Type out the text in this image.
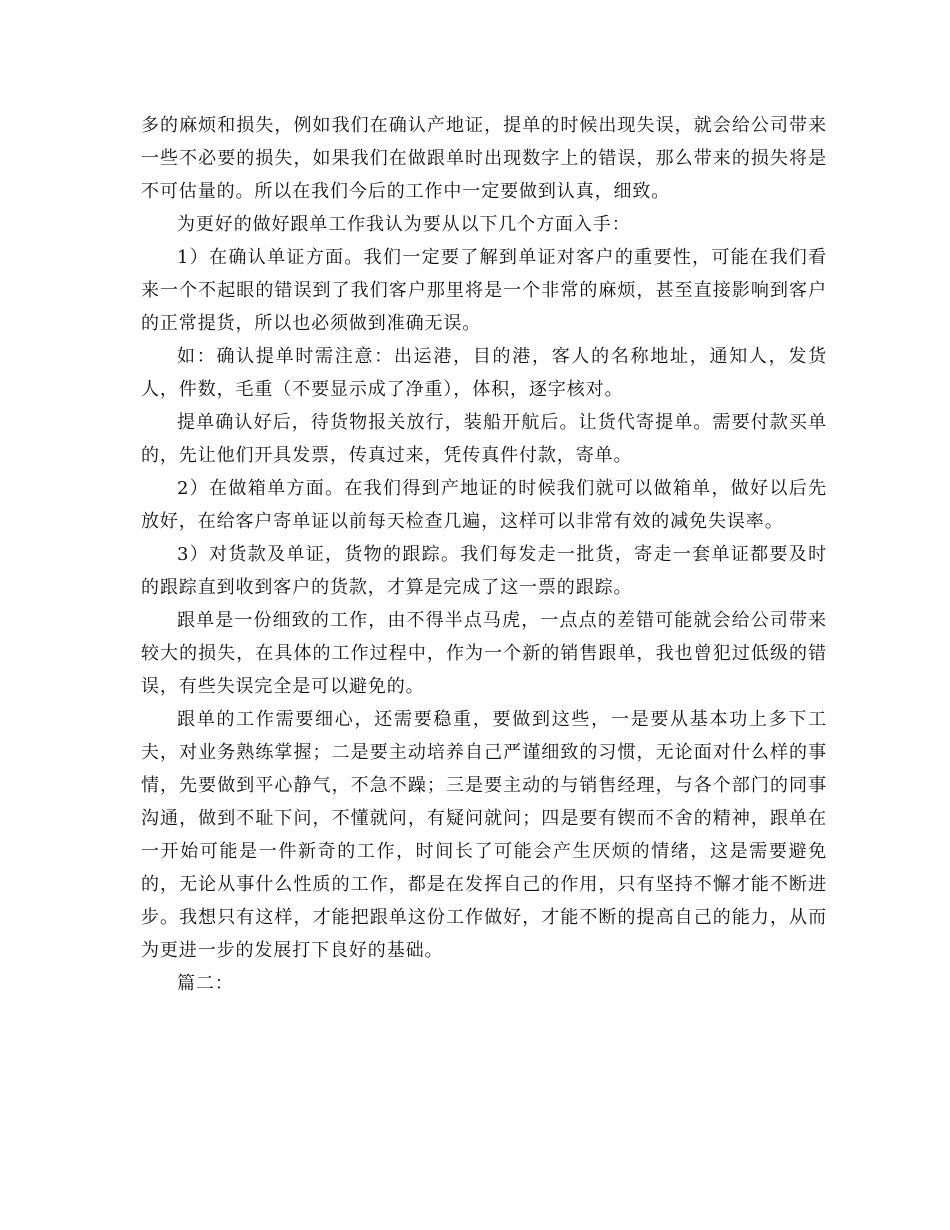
多的麻烦和损失，例如我们在确认产地证，提单的时候出现失误，就会给公司带来一些不必要的损失，如果我们在做跟单时出现数字上的错误，那么带来的损失将是不可估量的。所以在我们今后的工作中一定要做到认真，细致。

为更好的做好跟单工作我认为要从以下几个方面入手：

1）在确认单证方面。我们一定要了解到单证对客户的重要性，可能在我们看来一个不起眼的错误到了我们客户那里将是一个非常的麻烦，甚至直接影响到客户的正常提货，所以也必须做到准确无误。

如：确认提单时需注意：出运港，目的港，客人的名称地址，通知人，发货人，件数，毛重（不要显示成了净重），体积，逐字核对。

提单确认好后，待货物报关放行，装船开航后。让货代寄提单。需要付款买单的，先让他们开具发票，传真过来，凭传真件付款，寄单。

2）在做箱单方面。在我们得到产地证的时候我们就可以做箱单，做好以后先放好，在给客户寄单证以前每天检查几遍，这样可以非常有效的减免失误率。

3）对货款及单证，货物的跟踪。我们每发走一批货，寄走一套单证都要及时的跟踪直到收到客户的货款，才算是完成了这一票的跟踪。

跟单是一份细致的工作，由不得半点马虎，一点点的差错可能就会给公司带来较大的损失，在具体的工作过程中，作为一个新的销售跟单，我也曾犯过低级的错误，有些失误完全是可以避免的。

跟单的工作需要细心，还需要稳重，要做到这些，一是要从基本功上多下工夫，对业务熟练掌握；二是要主动培养自己严谨细致的习惯，无论面对什么样的事情，先要做到平心静气，不急不躁；三是要主动的与销售经理，与各个部门的同事沟通，做到不耻下问，不懂就问，有疑问就问；四是要有锲而不舍的精神，跟单在一开始可能是一件新奇的工作，时间长了可能会产生厌烦的情绪，这是需要避免的，无论从事什么性质的工作，都是在发挥自己的作用，只有坚持不懈才能不断进步。我想只有这样，才能把跟单这份工作做好，才能不断的提高自己的能力，从而为更进一步的发展打下良好的基础。

篇二：
